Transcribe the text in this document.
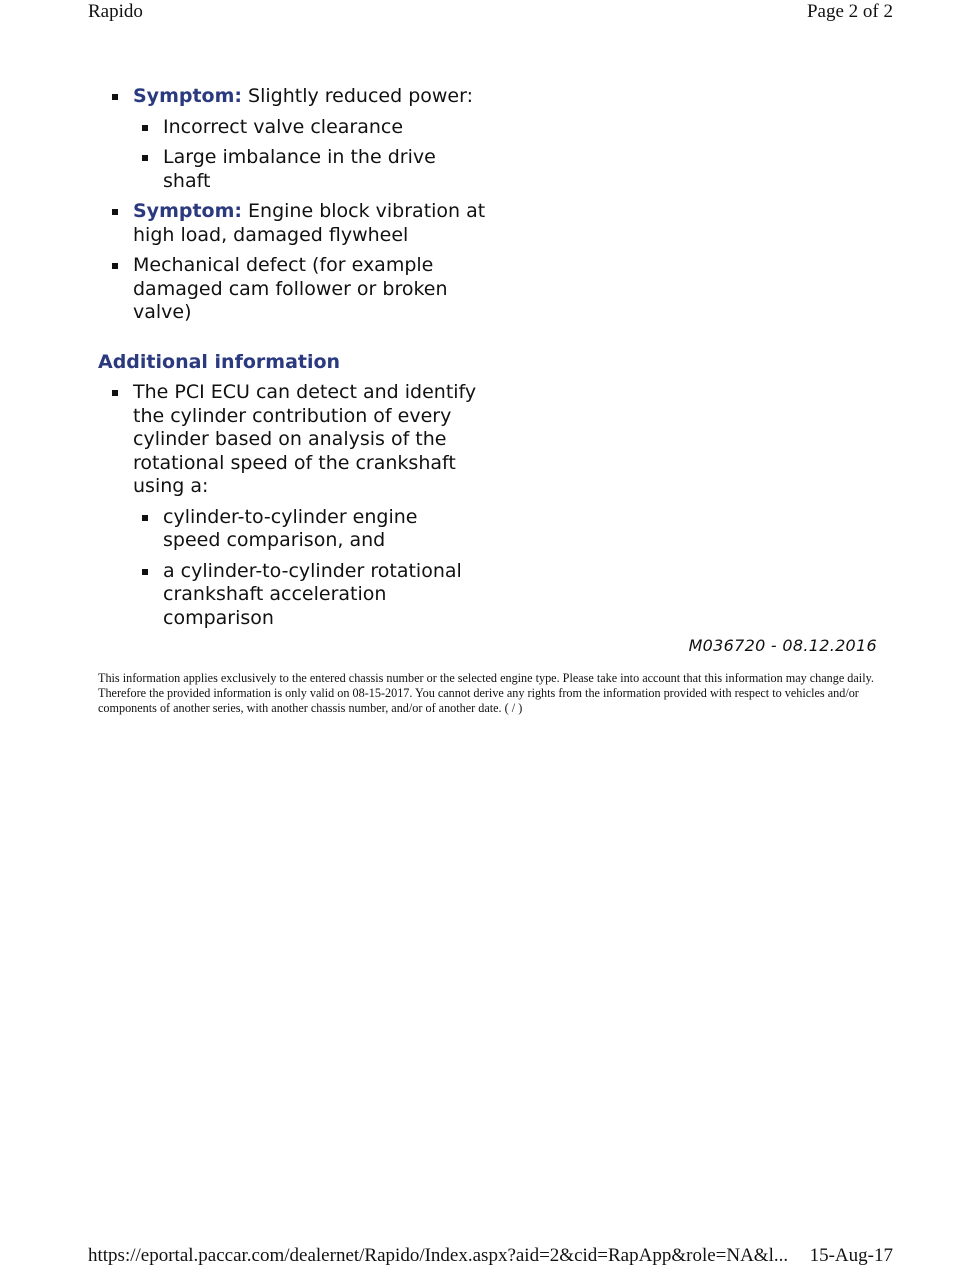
Rapido	Page 2 of 2
Symptom: Slightly reduced power:
Incorrect valve clearance
Large imbalance in the drive shaft
Symptom: Engine block vibration at high load, damaged flywheel
Mechanical defect (for example damaged cam follower or broken valve)
Additional information
The PCI ECU can detect and identify the cylinder contribution of every cylinder based on analysis of the rotational speed of the crankshaft using a:
cylinder-to-cylinder engine speed comparison, and
a cylinder-to-cylinder rotational crankshaft acceleration comparison
M036720 - 08.12.2016
This information applies exclusively to the entered chassis number or the selected engine type. Please take into account that this information may change daily. Therefore the provided information is only valid on 08-15-2017. You cannot derive any rights from the information provided with respect to vehicles and/or components of another series, with another chassis number, and/or of another date. ( / )
https://eportal.paccar.com/dealernet/Rapido/Index.aspx?aid=2&cid=RapApp&role=NA&l... 15-Aug-17
